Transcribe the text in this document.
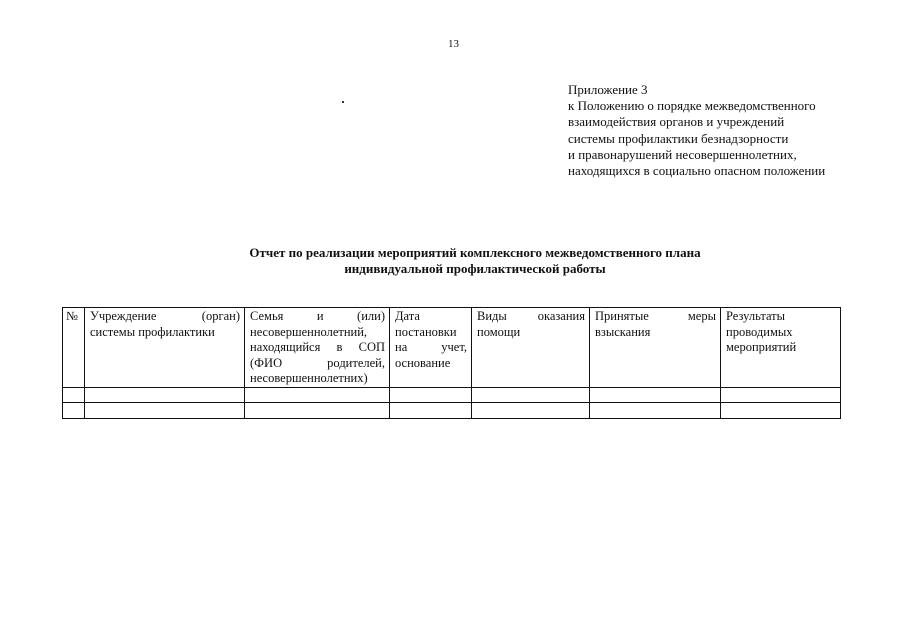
13
Приложение 3
к Положению о порядке межведомственного
взаимодействия органов и учреждений
системы профилактики безнадзорности
и правонарушений несовершеннолетних,
находящихся в социально опасном положении
Отчет по реализации мероприятий комплексного межведомственного плана
индивидуальной профилактической работы
№	Учреждение (орган) системы профилактики	Семья и (или) несовершеннолетний, находящийся в СОП (ФИО родителей, несовершеннолетних)	Дата постановки на учет, основание	Виды оказания помощи	Принятые меры взыскания	Результаты проводимых мероприятий
